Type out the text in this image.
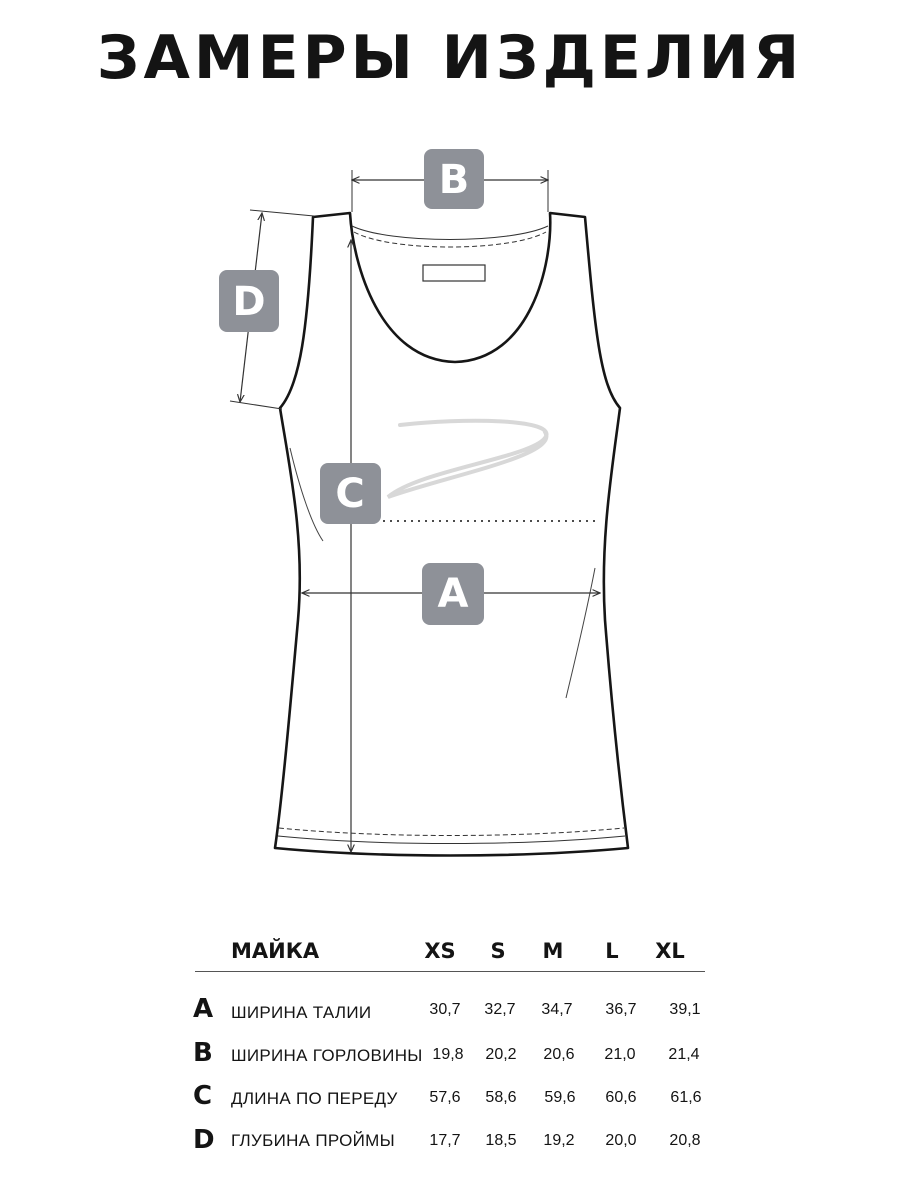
ЗАМЕРЫ ИЗДЕЛИЯ
B
D
C
A
МАЙКА	XS	S	M	L	XL
A ШИРИНА ТАЛИИ	30,7	32,7	34,7	36,7	39,1
B ШИРИНА ГОРЛОВИНЫ 19,8	20,2	20,6	21,0	21,4
C ДЛИНА ПО ПЕРЕДУ	57,6	58,6	59,6	60,6	61,6
D ГЛУБИНА ПРОЙМЫ	17,7	18,5	19,2	20,0	20,8
